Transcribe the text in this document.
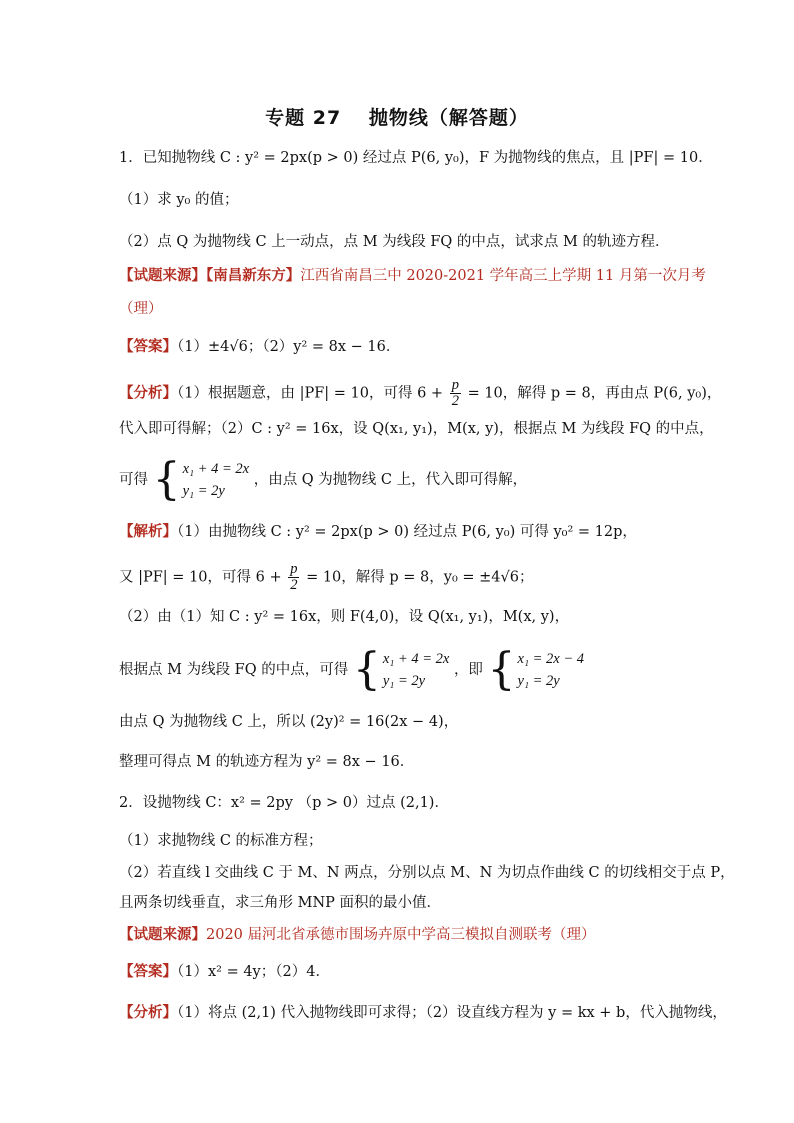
专题 27　 抛物线（解答题）
1．已知抛物线 C : y² = 2px(p > 0) 经过点 P(6, y₀)，F 为抛物线的焦点，且 |PF| = 10．
（1）求 y₀ 的值；
（2）点 Q 为抛物线 C 上一动点，点 M 为线段 FQ 的中点，试求点 M 的轨迹方程．
【试题来源】【南昌新东方】江西省南昌三中 2020-2021 学年高三上学期 11 月第一次月考
（理）
【答案】（1）±4√6；（2）y² = 8x − 16．
【分析】（1）根据题意，由 |PF| = 10，可得 $6 + \frac{p}{2} = 10$，解得 p = 8，再由点 P(6, y₀)，
代入即可得解；（2）C : y² = 16x，设 Q(x₁, y₁)，M(x, y)，根据点 M 为线段 FQ 的中点，
可得 { x₁ + 4 = 2x
y₁ = 2y ，由点 Q 为抛物线 C 上，代入即可得解，
【解析】（1）由抛物线 C : y² = 2px(p > 0) 经过点 P(6, y₀) 可得 y₀² = 12p，
又 |PF| = 10，可得 $6 + \frac{p}{2} = 10$，解得 p = 8，y₀ = ±4√6；
（2）由（1）知 C : y² = 16x，则 F(4,0)，设 Q(x₁, y₁)，M(x, y)，
根据点 M 为线段 FQ 的中点，可得 { x₁ + 4 = 2x
y₁ = 2y ，即 { x₁ = 2x − 4
y₁ = 2y
由点 Q 为抛物线 C 上，所以 (2y)² = 16(2x − 4)，
整理可得点 M 的轨迹方程为 y² = 8x − 16．
2．设抛物线 C：x² = 2py （p > 0）过点 (2,1)．
（1）求抛物线 C 的标准方程；
（2）若直线 l 交曲线 C 于 M、N 两点，分别以点 M、N 为切点作曲线 C 的切线相交于点 P，
且两条切线垂直，求三角形 MNP 面积的最小值．
【试题来源】2020 届河北省承德市围场卉原中学高三模拟自测联考（理）
【答案】（1）x² = 4y；（2）4．
【分析】（1）将点 (2,1) 代入抛物线即可求得；（2）设直线方程为 y = kx + b，代入抛物线，
